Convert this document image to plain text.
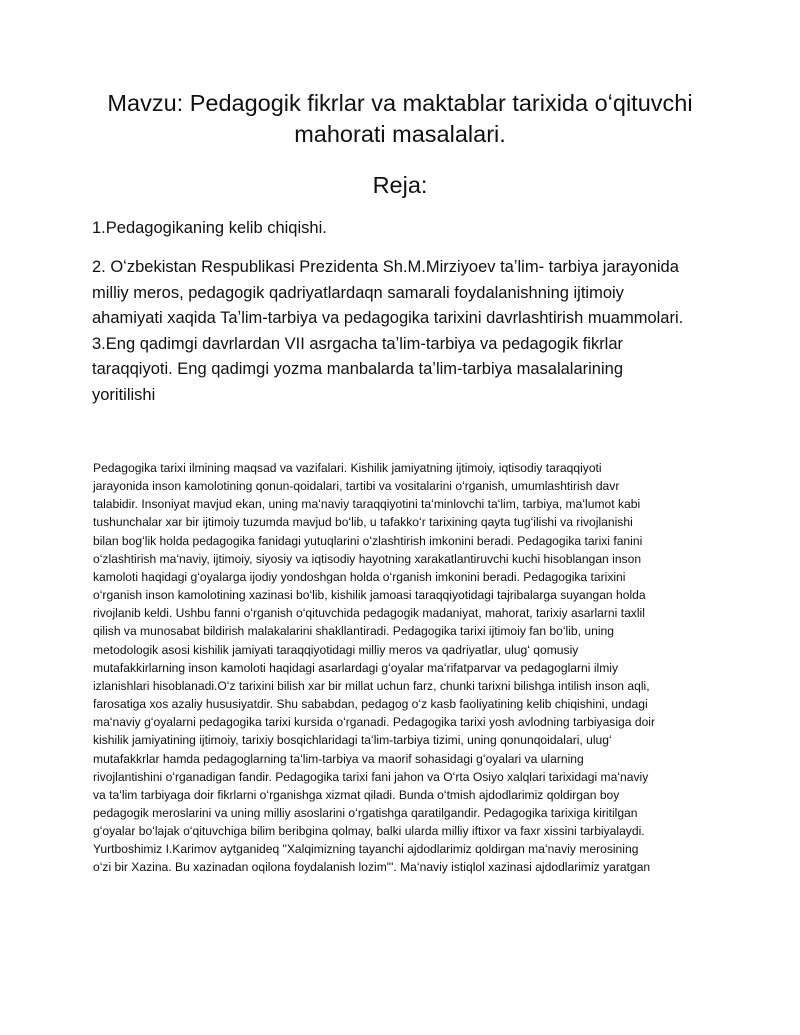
Mavzu: Pedagogik fikrlar va maktablar tarixida oʻqituvchi
mahorati masalalari.
Reja:
1.Pedagogikaning kelib chiqishi.
2. Oʻzbekistan Respublikasi Prezidenta Sh.M.Mirziyoev taʼlim- tarbiya jarayonida
milliy meros, pedagogik qadriyatlardaqn samarali foydalanishning ijtimoiy
ahamiyati xaqida Taʼlim-tarbiya va pedagogika tarixini davrlashtirish muammolari.
3.Eng qadimgi davrlardan VII asrgacha taʼlim-tarbiya va pedagogik fikrlar
taraqqiyoti. Eng qadimgi yozma manbalarda taʼlim-tarbiya masalalarining
yoritilishi
Pedagogika tarixi ilmining maqsad va vazifalari. Kishilik jamiyatning ijtimoiy, iqtisodiy taraqqiyoti
jarayonida inson kamolotining qonun-qoidalari, tartibi va vositalarini oʻrganish, umumlashtirish davr
talabidir. Insoniyat mavjud ekan, uning maʻnaviy taraqqiyotini taʻminlovchi taʻlim, tarbiya, maʻlumot kabi
tushunchalar xar bir ijtimoiy tuzumda mavjud boʻlib, u tafakkoʻr tarixining qayta tugʻilishi va rivojlanishi
bilan bogʻlik holda pedagogika fanidagi yutuqlarini oʻzlashtirish imkonini beradi. Pedagogika tarixi fanini
oʻzlashtirish maʻnaviy, ijtimoiy, siyosiy va iqtisodiy hayotning xarakatlantiruvchi kuchi hisoblangan inson
kamoloti haqidagi gʻoyalarga ijodiy yondoshgan holda oʻrganish imkonini beradi. Pedagogika tarixini
oʻrganish inson kamolotining xazinasi boʻlib, kishilik jamoasi taraqqiyotidagi tajribalarga suyangan holda
rivojlanib keldi. Ushbu fanni oʻrganish oʻqituvchida pedagogik madaniyat, mahorat, tarixiy asarlarni taxlil
qilish va munosabat bildirish malakalarini shakllantiradi. Pedagogika tarixi ijtimoiy fan boʻlib, uning
metodologik asosi kishilik jamiyati taraqqiyotidagi milliy meros va qadriyatlar, ulugʻ qomusiy
mutafakkirlarning inson kamoloti haqidagi asarlardagi gʻoyalar maʻrifatparvar va pedagoglarni ilmiy
izlanishlari hisoblanadi.Oʻz tarixini bilish xar bir millat uchun farz, chunki tarixni bilishga intilish inson aqli,
farosatiga xos azaliy hususiyatdir. Shu sababdan, pedagog oʻz kasb faoliyatining kelib chiqishini, undagi
maʻnaviy gʻoyalarni pedagogika tarixi kursida oʻrganadi. Pedagogika tarixi yosh avlodning tarbiyasiga doir
kishilik jamiyatining ijtimoiy, tarixiy bosqichlaridagi taʻlim-tarbiya tizimi, uning qonunqoidalari, ulugʻ
mutafakkrlar hamda pedagoglarning taʻlim-tarbiya va maorif sohasidagi gʻoyalari va ularning
rivojlantishini oʻrganadigan fandir. Pedagogika tarixi fani jahon va Oʻrta Osiyo xalqlari tarixidagi maʻnaviy
va taʻlim tarbiyaga doir fikrlarni oʻrganishga xizmat qiladi. Bunda oʻtmish ajdodlarimiz qoldirgan boy
pedagogik meroslarini va uning milliy asoslarini oʻrgatishga qaratilgandir. Pedagogika tarixiga kiritilgan
gʻoyalar boʻlajak oʻqituvchiga bilim beribgina qolmay, balki ularda milliy iftixor va faxr xissini tarbiyalaydi.
Yurtboshimiz I.Karimov aytganideq "Xalqimizning tayanchi ajdodlarimiz qoldirgan maʻnaviy merosining
oʻzi bir Xazina. Bu xazinadan oqilona foydalanish lozim"'. Maʻnaviy istiqlol xazinasi ajdodlarimiz yaratgan
